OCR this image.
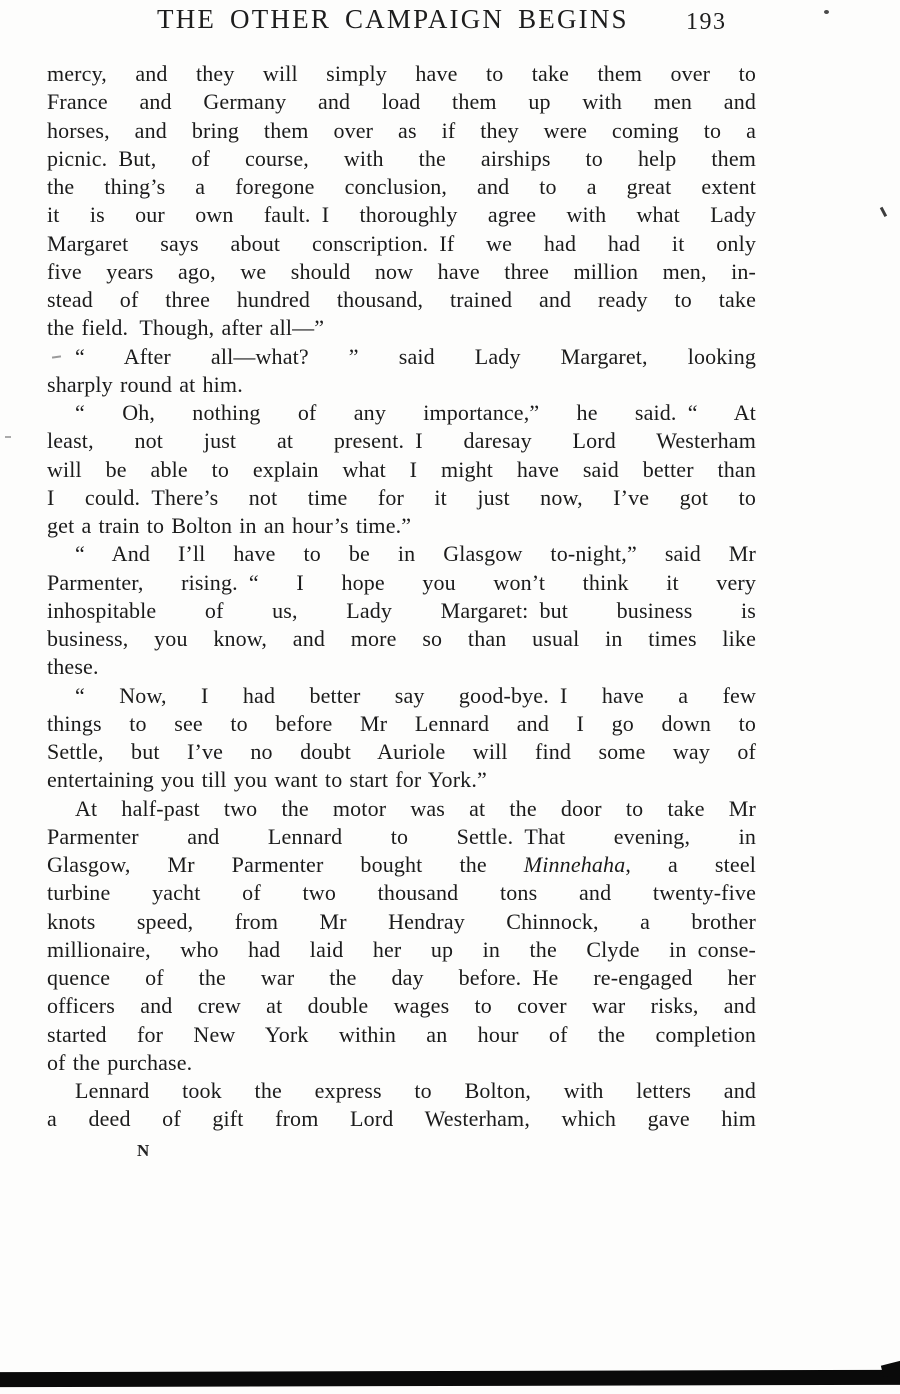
THE OTHER CAMPAIGN BEGINS 193
mercy, and they will simply have to take them over to
France and Germany and load them up with men and
horses, and bring them over as if they were coming to a
picnic. But, of course, with the airships to help them
the thing’s a foregone conclusion, and to a great extent
it is our own fault. I thoroughly agree with what Lady
Margaret says about conscription. If we had had it only
five years ago, we should now have three million men, in-
stead of three hundred thousand, trained and ready to take
the field. Though, after all—”
“ After all—what? ” said Lady Margaret, looking
sharply round at him.
“ Oh, nothing of any importance,” he said. “ At
least, not just at present. I daresay Lord Westerham
will be able to explain what I might have said better than
I could. There’s not time for it just now, I’ve got to
get a train to Bolton in an hour’s time.”
“ And I’ll have to be in Glasgow to-night,” said Mr
Parmenter, rising. “ I hope you won’t think it very
inhospitable of us, Lady Margaret: but business is
business, you know, and more so than usual in times like
these.
“ Now, I had better say good-bye. I have a few
things to see to before Mr Lennard and I go down to
Settle, but I’ve no doubt Auriole will find some way of
entertaining you till you want to start for York.”
At half-past two the motor was at the door to take Mr
Parmenter and Lennard to Settle. That evening, in
Glasgow, Mr Parmenter bought the Minnehaha, a steel
turbine yacht of two thousand tons and twenty-five
knots speed, from Mr Hendray Chinnock, a brother
millionaire, who had laid her up in the Clyde in conse-
quence of the war the day before. He re-engaged her
officers and crew at double wages to cover war risks, and
started for New York within an hour of the completion
of the purchase.
Lennard took the express to Bolton, with letters and
a deed of gift from Lord Westerham, which gave him
N
